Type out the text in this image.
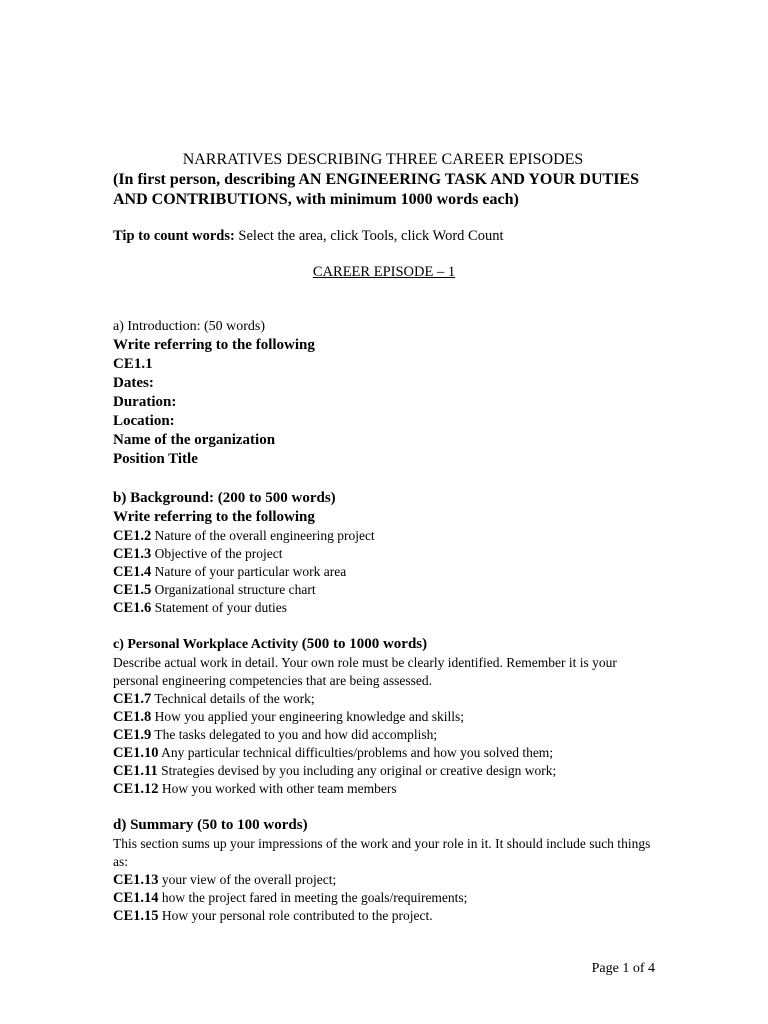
NARRATIVES DESCRIBING THREE CAREER EPISODES
(In first person, describing AN ENGINEERING TASK AND YOUR DUTIES
AND CONTRIBUTIONS, with minimum 1000 words each)
Tip to count words: Select the area, click Tools, click Word Count
CAREER EPISODE – 1
a) Introduction: (50 words)
Write referring to the following
CE1.1
Dates:
Duration:
Location:
Name of the organization
Position Title
b) Background: (200 to 500 words)
Write referring to the following
CE1.2 Nature of the overall engineering project
CE1.3 Objective of the project
CE1.4 Nature of your particular work area
CE1.5 Organizational structure chart
CE1.6 Statement of your duties
c) Personal Workplace Activity (500 to 1000 words)
Describe actual work in detail. Your own role must be clearly identified. Remember it is your personal engineering competencies that are being assessed.
CE1.7 Technical details of the work;
CE1.8 How you applied your engineering knowledge and skills;
CE1.9 The tasks delegated to you and how did accomplish;
CE1.10 Any particular technical difficulties/problems and how you solved them;
CE1.11 Strategies devised by you including any original or creative design work;
CE1.12 How you worked with other team members
d) Summary (50 to 100 words)
This section sums up your impressions of the work and your role in it. It should include such things as:
CE1.13 your view of the overall project;
CE1.14 how the project fared in meeting the goals/requirements;
CE1.15 How your personal role contributed to the project.
Page 1 of 4
